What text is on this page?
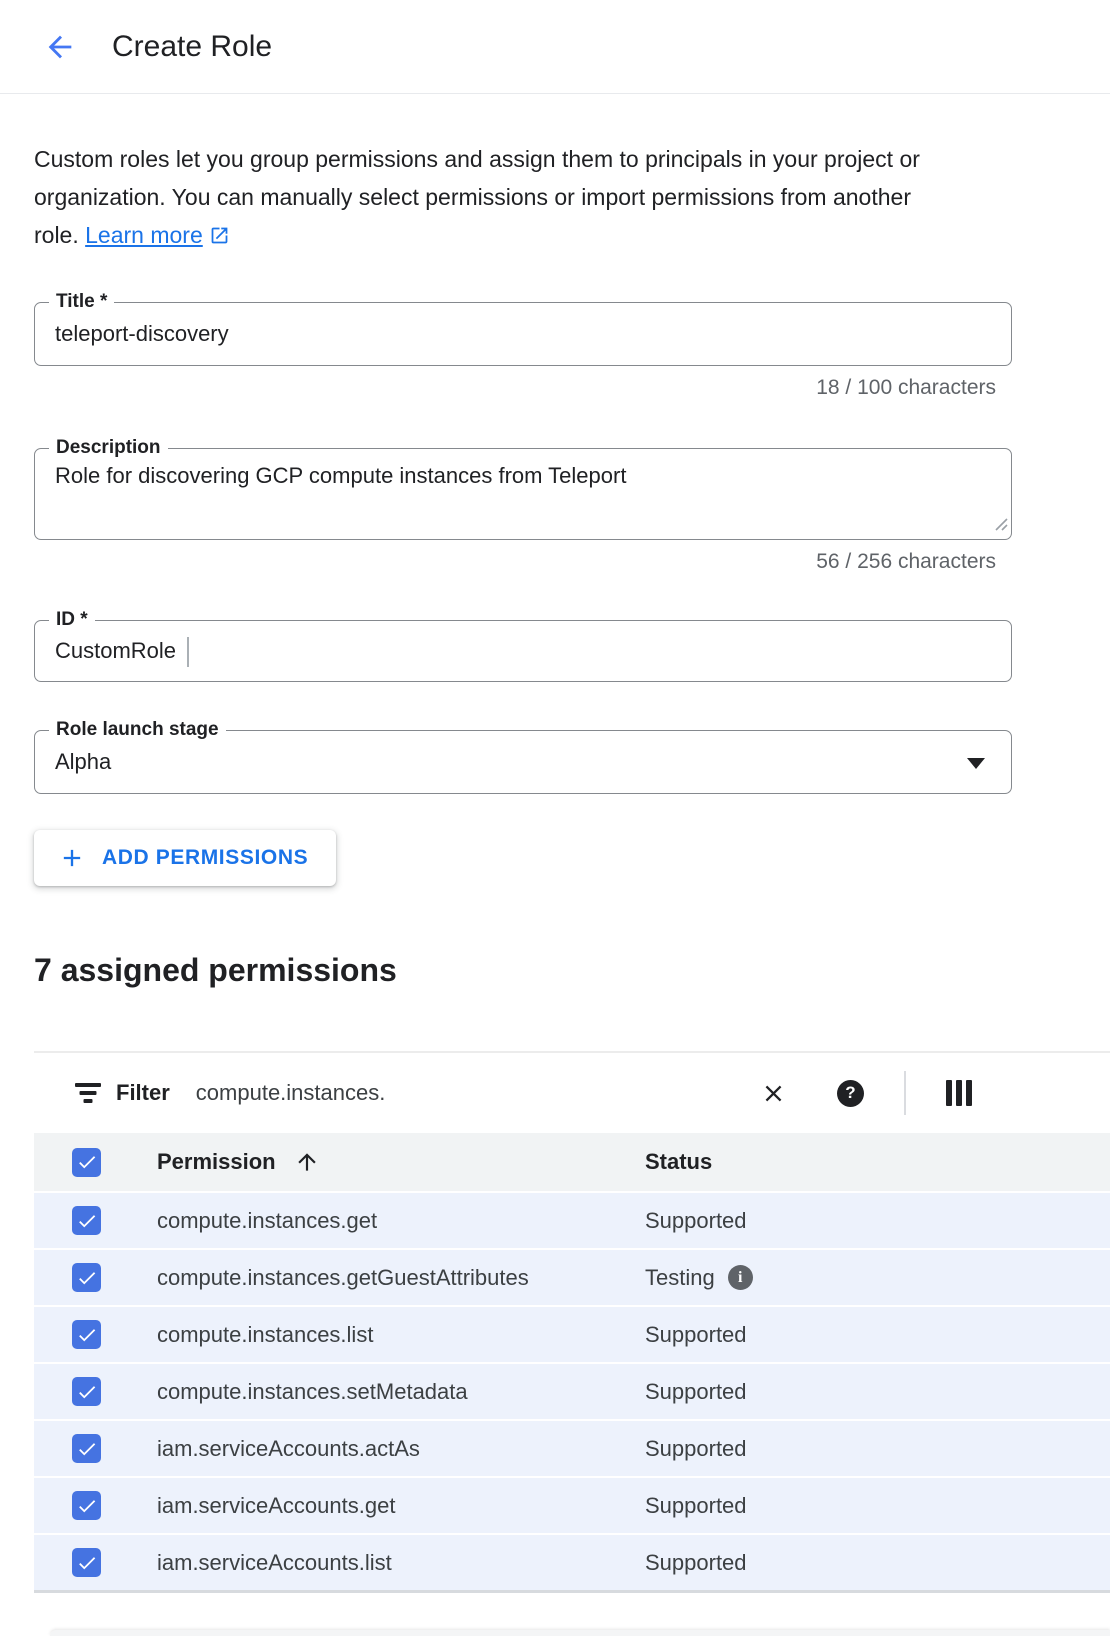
Create Role
Custom roles let you group permissions and assign them to principals in your project or
organization. You can manually select permissions or import permissions from another
role. Learn more
Title *
teleport-discovery
18 / 100 characters
Description
Role for discovering GCP compute instances from Teleport
56 / 256 characters
ID *
CustomRole
Role launch stage
Alpha
ADD PERMISSIONS
7 assigned permissions
Filter
compute.instances.	?
Permission	Status
compute.instances.get	Supported
compute.instances.getGuestAttributes	Testing	i
compute.instances.list	Supported
compute.instances.setMetadata	Supported
iam.serviceAccounts.actAs	Supported
iam.serviceAccounts.get	Supported
iam.serviceAccounts.list	Supported
